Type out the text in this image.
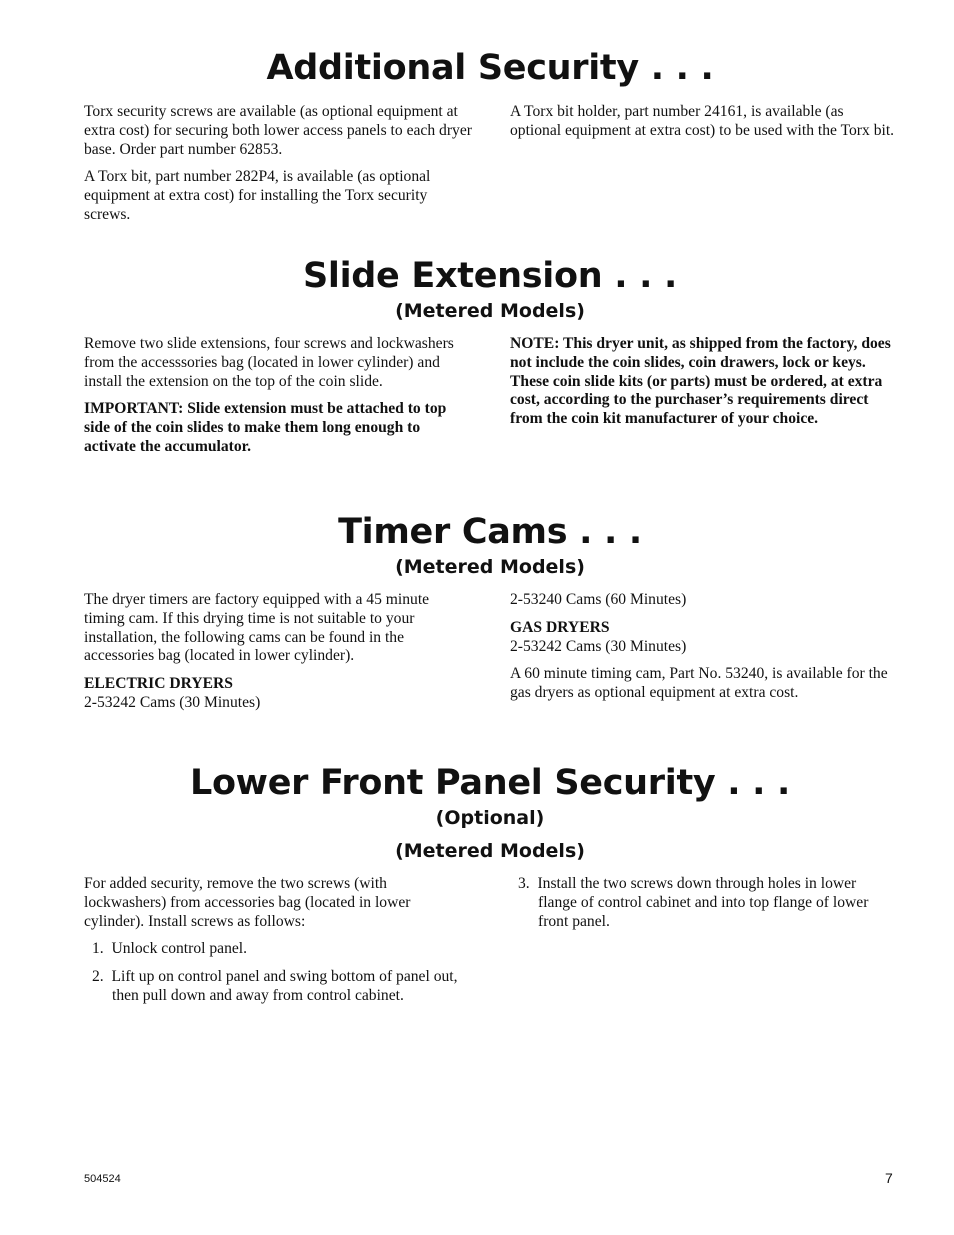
Additional Security . . .

Torx security screws are available (as optional equipment at extra cost) for securing both lower access panels to each dryer base. Order part number 62853.

A Torx bit, part number 282P4, is available (as optional equipment at extra cost) for installing the Torx security screws.

A Torx bit holder, part number 24161, is available (as optional equipment at extra cost) to be used with the Torx bit.

Slide Extension . . .
(Metered Models)

Remove two slide extensions, four screws and lockwashers from the accesssories bag (located in lower cylinder) and install the extension on the top of the coin slide.

IMPORTANT: Slide extension must be attached to top side of the coin slides to make them long enough to activate the accumulator.

NOTE: This dryer unit, as shipped from the factory, does not include the coin slides, coin drawers, lock or keys. These coin slide kits (or parts) must be ordered, at extra cost, according to the purchaser’s requirements direct from the coin kit manufacturer of your choice.

Timer Cams . . .
(Metered Models)

The dryer timers are factory equipped with a 45 minute timing cam. If this drying time is not suitable to your installation, the following cams can be found in the accessories bag (located in lower cylinder).

ELECTRIC DRYERS
2-53242 Cams (30 Minutes)

2-53240 Cams (60 Minutes)

GAS DRYERS

2-53242 Cams (30 Minutes)

A 60 minute timing cam, Part No. 53240, is available for the gas dryers as optional equipment at extra cost.

Lower Front Panel Security . . .
(Optional)
(Metered Models)

For added security, remove the two screws (with lockwashers) from accessories bag (located in lower cylinder). Install screws as follows:

1.  Unlock control panel.
2.  Lift up on control panel and swing bottom of panel out, then pull down and away from control cabinet.
3.  Install the two screws down through holes in lower flange of control cabinet and into top flange of lower front panel.
504524	7
